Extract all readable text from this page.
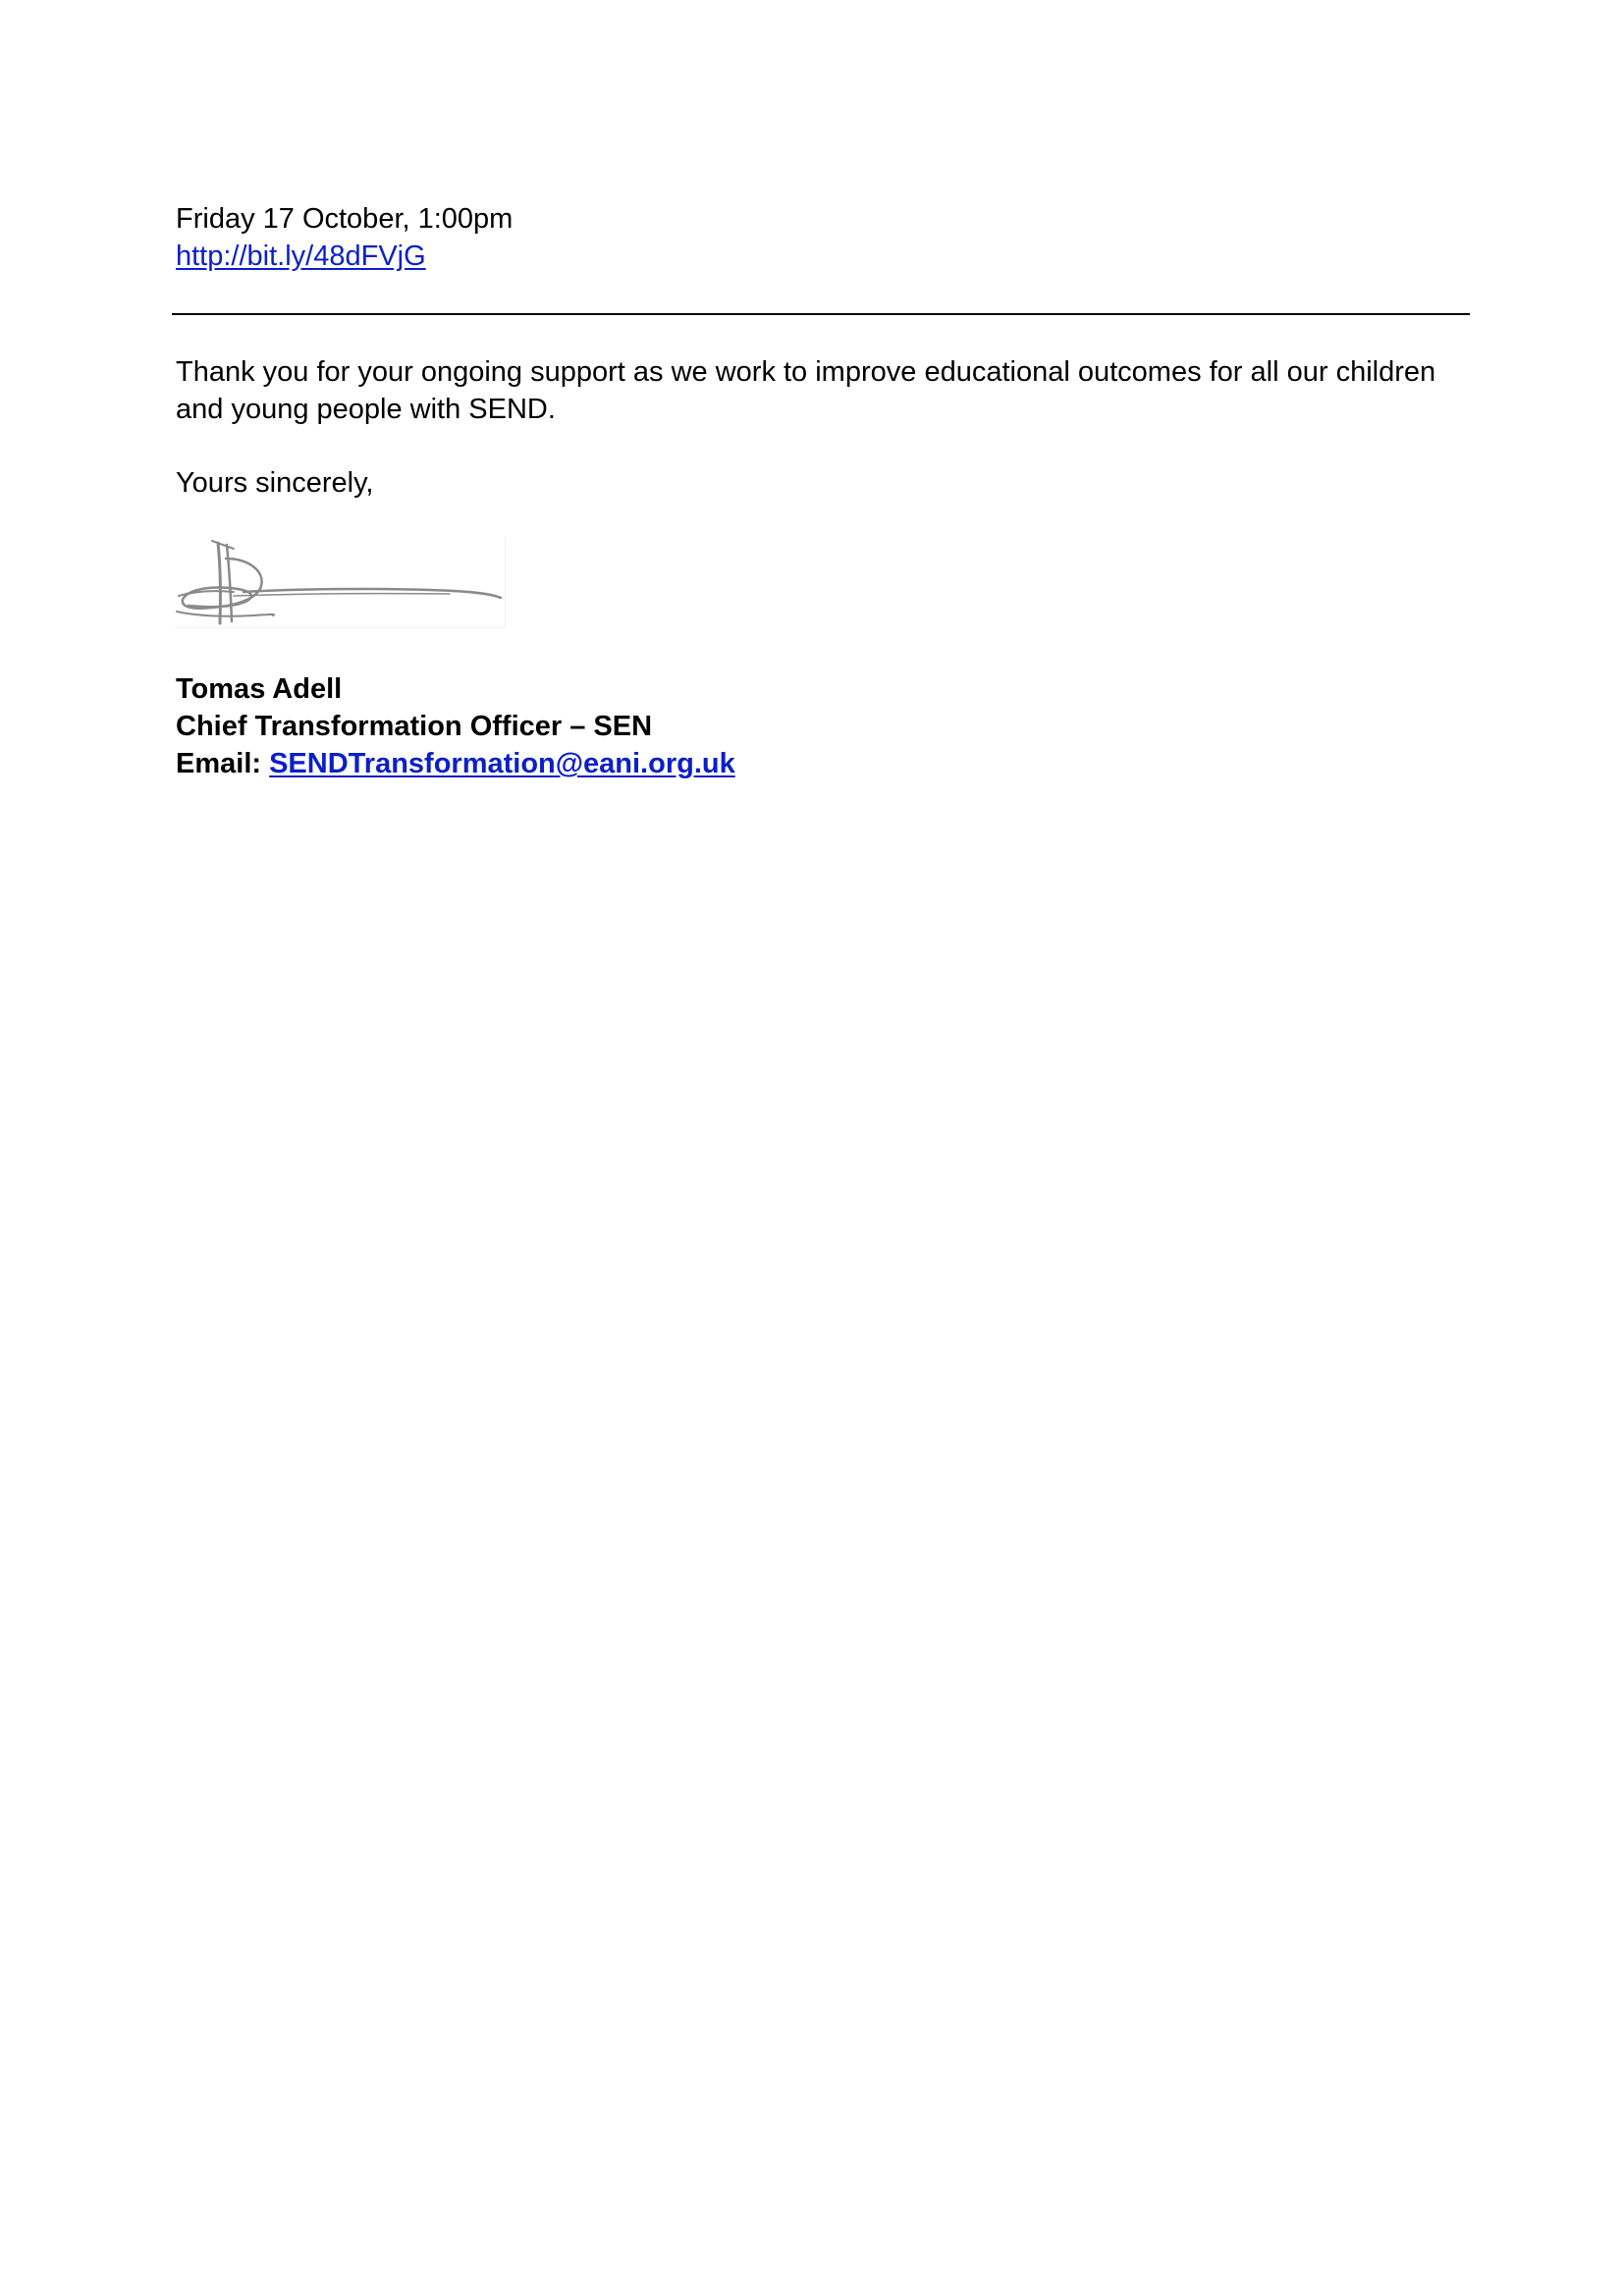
Friday 17 October, 1:00pm
http://bit.ly/48dFVjG
Thank you for your ongoing support as we work to improve educational outcomes for all our children
and young people with SEND.
Yours sincerely,
Tomas Adell
Chief Transformation Officer – SEN
Email: SENDTransformation@eani.org.uk
